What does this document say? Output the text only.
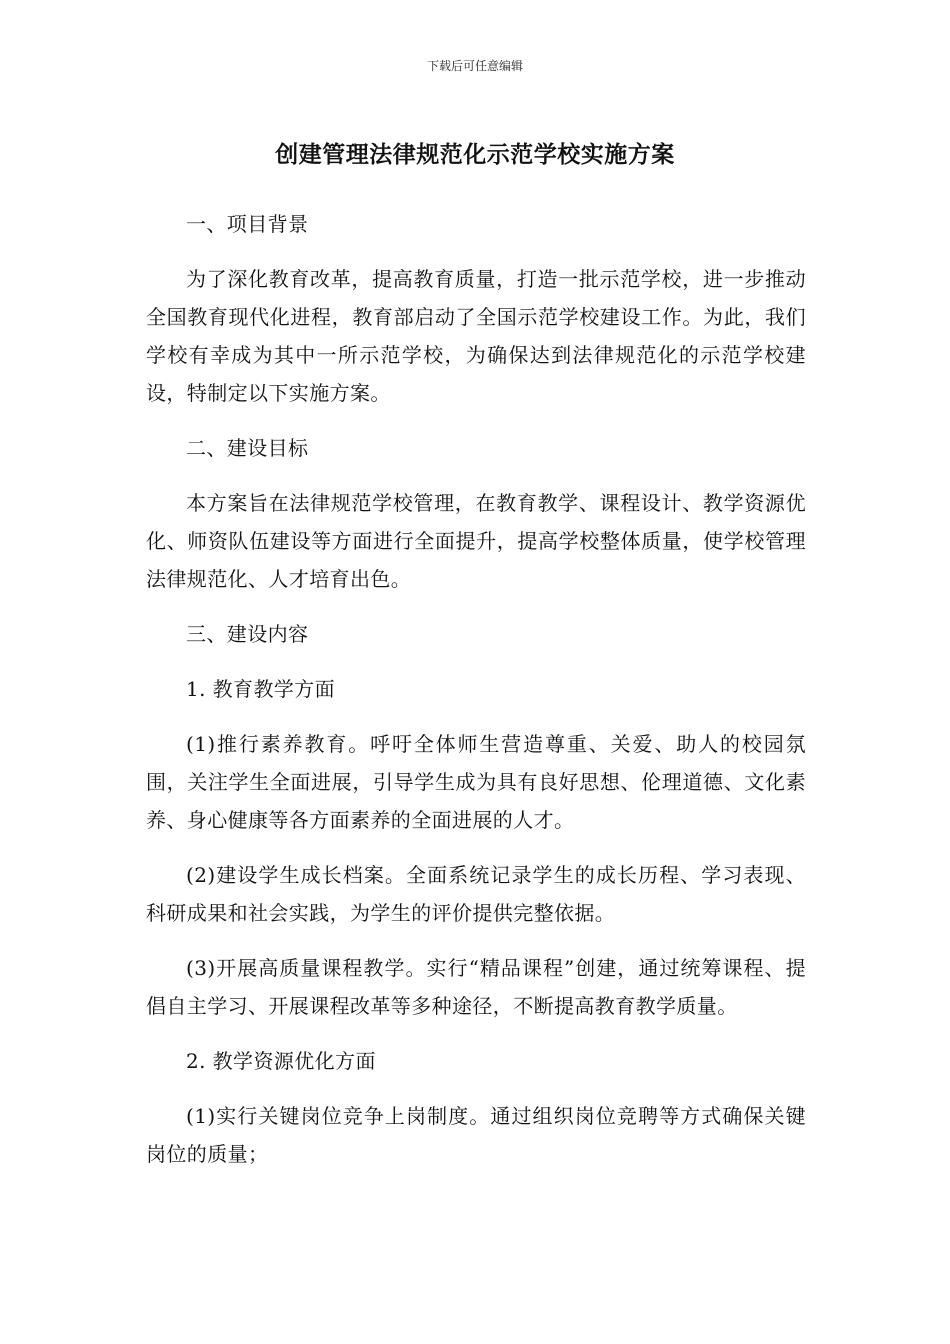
下载后可任意编辑
创建管理法律规范化示范学校实施方案

一、项目背景

为了深化教育改革，提高教育质量，打造一批示范学校，进一步推动全国教育现代化进程，教育部启动了全国示范学校建设工作。为此，我们学校有幸成为其中一所示范学校，为确保达到法律规范化的示范学校建设，特制定以下实施方案。

二、建设目标

本方案旨在法律规范学校管理，在教育教学、课程设计、教学资源优化、师资队伍建设等方面进行全面提升，提高学校整体质量，使学校管理法律规范化、人才培育出色。

三、建设内容

1. 教育教学方面

(1)推行素养教育。呼吁全体师生营造尊重、关爱、助人的校园氛围，关注学生全面进展，引导学生成为具有良好思想、伦理道德、文化素养、身心健康等各方面素养的全面进展的人才。

(2)建设学生成长档案。全面系统记录学生的成长历程、学习表现、科研成果和社会实践，为学生的评价提供完整依据。

(3)开展高质量课程教学。实行“精品课程”创建，通过统筹课程、提倡自主学习、开展课程改革等多种途径，不断提高教育教学质量。

2. 教学资源优化方面

(1)实行关键岗位竞争上岗制度。通过组织岗位竞聘等方式确保关键岗位的质量；
